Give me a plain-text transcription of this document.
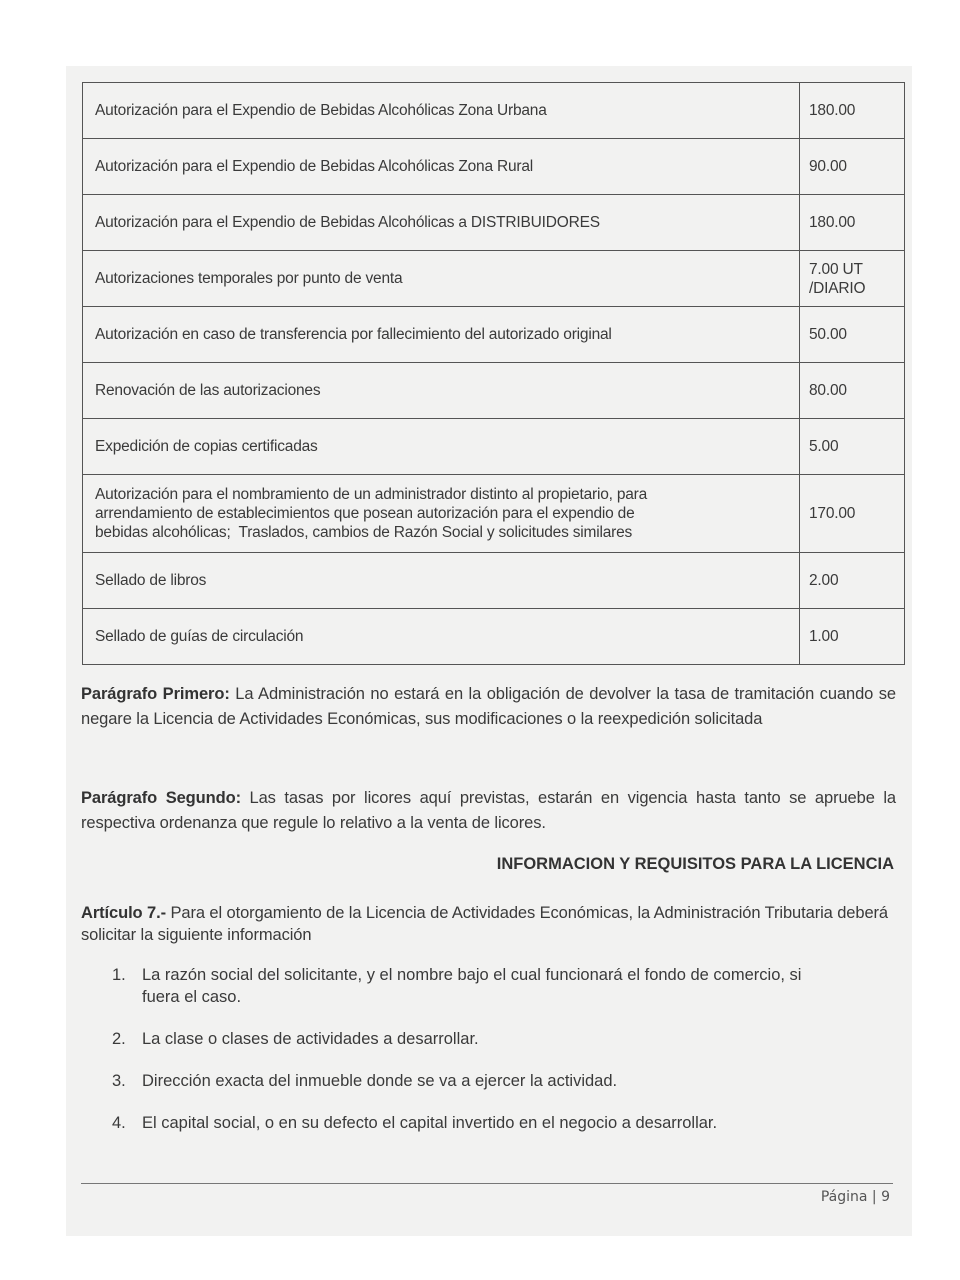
Autorización para el Expendio de Bebidas Alcohólicas Zona Urbana	180.00
Autorización para el Expendio de Bebidas Alcohólicas Zona Rural	90.00
Autorización para el Expendio de Bebidas Alcohólicas a DISTRIBUIDORES	180.00
Autorizaciones temporales por punto de venta	7.00 UT
/DIARIO
Autorización en caso de transferencia por fallecimiento del autorizado original	50.00
Renovación de las autorizaciones	80.00
Expedición de copias certificadas	5.00
Autorización para el nombramiento de un administrador distinto al propietario, para
arrendamiento de establecimientos que posean autorización para el expendio de
bebidas alcohólicas;  Traslados, cambios de Razón Social y solicitudes similares	170.00
Sellado de libros	2.00
Sellado de guías de circulación	1.00

Parágrafo Primero: La Administración no estará en la obligación de devolver la tasa de tramitación cuando se negare la Licencia de Actividades Económicas, sus modificaciones o la reexpedición solicitada

Parágrafo Segundo: Las tasas por licores aquí previstas, estarán en vigencia hasta tanto se apruebe la respectiva ordenanza que regule lo relativo a la venta de licores.

INFORMACION Y REQUISITOS PARA LA LICENCIA

Artículo 7.- Para el otorgamiento de la Licencia de Actividades Económicas, la Administración Tributaria deberá solicitar la siguiente información

1. La razón social del solicitante, y el nombre bajo el cual funcionará el fondo de comercio, si fuera el caso.
2. La clase o clases de actividades a desarrollar.
3. Dirección exacta del inmueble donde se va a ejercer la actividad.
4. El capital social, o en su defecto el capital invertido en el negocio a desarrollar.
Página | 9
